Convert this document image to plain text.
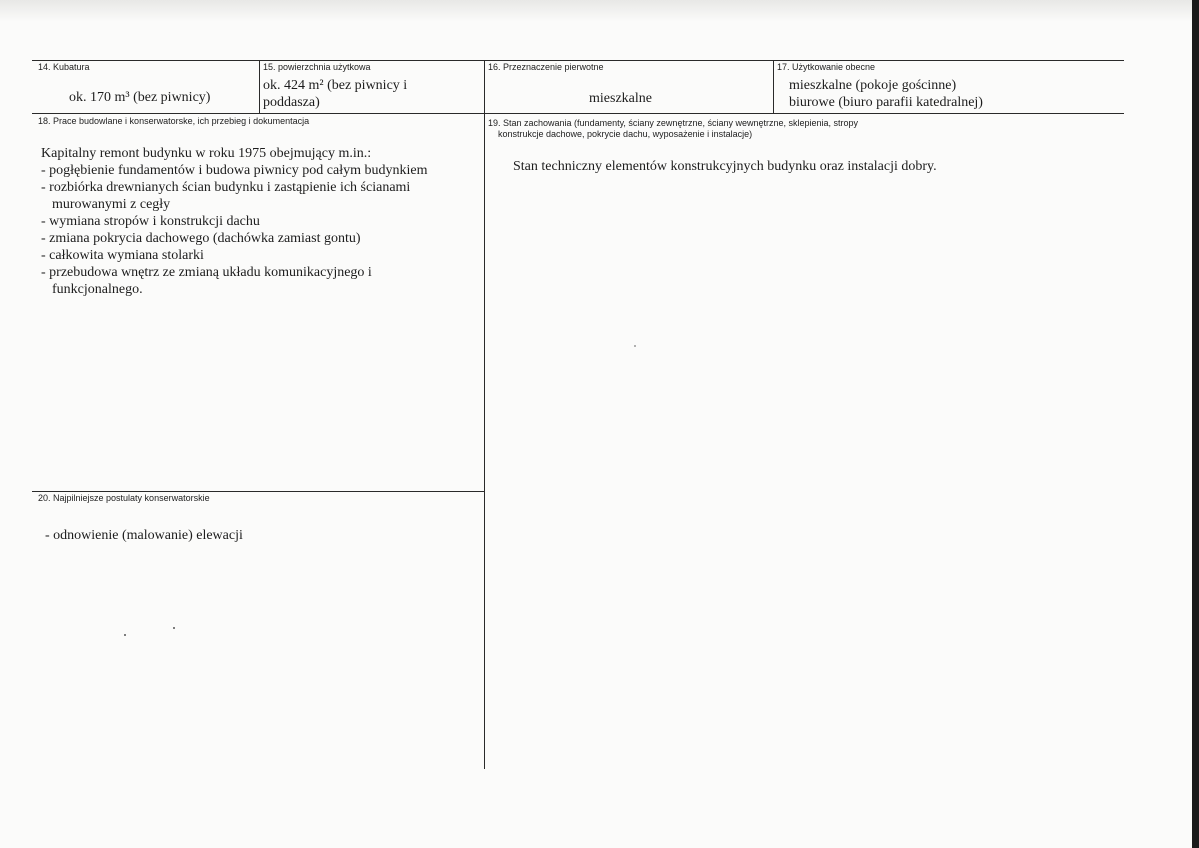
14. Kubatura
ok. 170 m³ (bez piwnicy)
15. powierzchnia użytkowa
ok. 424 m² (bez piwnicy i
poddasza)
16. Przeznaczenie pierwotne
mieszkalne
17. Użytkowanie obecne
mieszkalne (pokoje gościnne)
biurowe (biuro parafii katedralnej)
18. Prace budowlane i konserwatorske, ich przebieg i dokumentacja
Kapitalny remont budynku w roku 1975 obejmujący m.in.:
- pogłębienie fundamentów i budowa piwnicy pod całym budynkiem
- rozbiórka drewnianych ścian budynku i zastąpienie ich ścianami
murowanymi z cegły
- wymiana stropów i konstrukcji dachu
- zmiana pokrycia dachowego (dachówka zamiast gontu)
- całkowita wymiana stolarki
- przebudowa wnętrz ze zmianą układu komunikacyjnego i
funkcjonalnego.
19. Stan zachowania (fundamenty, ściany zewnętrzne, ściany wewnętrzne, sklepienia, stropy
konstrukcje dachowe, pokrycie dachu, wyposażenie i instalacje)
Stan techniczny elementów konstrukcyjnych budynku oraz instalacji dobry.
20. Najpilniejsze postulaty konserwatorskie
- odnowienie (malowanie) elewacji
